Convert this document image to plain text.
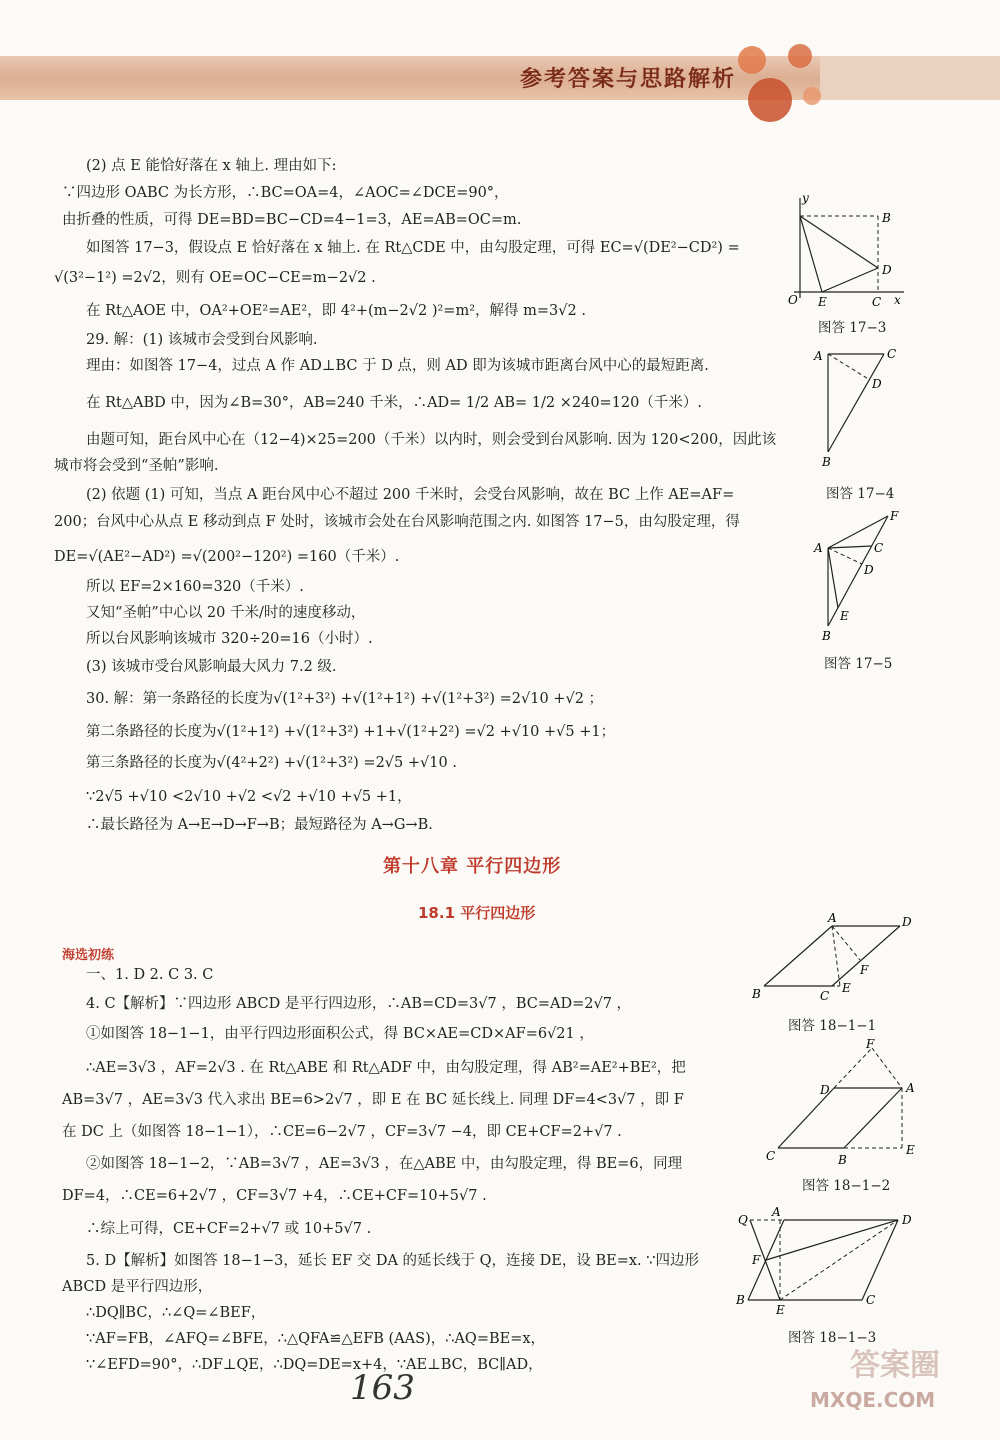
参考答案与思路解析
(2) 点 E 能恰好落在 x 轴上. 理由如下:
∵四边形 OABC 为长方形，∴BC=OA=4，∠AOC=∠DCE=90°，
由折叠的性质，可得 DE=BD=BC−CD=4−1=3，AE=AB=OC=m.
如图答 17−3，假设点 E 恰好落在 x 轴上. 在 Rt△CDE 中，由勾股定理，可得 EC=√(DE²−CD²) =
√(3²−1²) =2√2，则有 OE=OC−CE=m−2√2 .
在 Rt△AOE 中，OA²+OE²=AE²，即 4²+(m−2√2 )²=m²，解得 m=3√2 .
29. 解：(1) 该城市会受到台风影响.
理由：如图答 17−4，过点 A 作 AD⊥BC 于 D 点，则 AD 即为该城市距离台风中心的最短距离.
在 Rt△ABD 中，因为∠B=30°，AB=240 千米，∴AD= 1/2 AB= 1/2 ×240=120（千米）.
由题可知，距台风中心在（12−4)×25=200（千米）以内时，则会受到台风影响. 因为 120<200，因此该
城市将会受到“圣帕”影响.
(2) 依题 (1) 可知，当点 A 距台风中心不超过 200 千米时，会受台风影响，故在 BC 上作 AE=AF=
200；台风中心从点 E 移动到点 F 处时，该城市会处在台风影响范围之内. 如图答 17−5，由勾股定理，得
DE=√(AE²−AD²) =√(200²−120²) =160（千米）.
所以 EF=2×160=320（千米）.
又知“圣帕”中心以 20 千米/时的速度移动，
所以台风影响该城市 320÷20=16（小时）.
(3) 该城市受台风影响最大风力 7.2 级.
30. 解：第一条路径的长度为√(1²+3²) +√(1²+1²) +√(1²+3²) =2√10 +√2 ；
第二条路径的长度为√(1²+1²) +√(1²+3²) +1+√(1²+2²) =√2 +√10 +√5 +1；
第三条路径的长度为√(4²+2²) +√(1²+3²) =2√5 +√10 .
∵2√5 +√10 <2√10 +√2 <√2 +√10 +√5 +1，
∴最长路径为 A→E→D→F→B；最短路径为 A→G→B.
一、1. D 2. C 3. C
4. C【解析】∵四边形 ABCD 是平行四边形，∴AB=CD=3√7 ，BC=AD=2√7 ，
①如图答 18−1−1，由平行四边形面积公式，得 BC×AE=CD×AF=6√21 ，
∴AE=3√3 ，AF=2√3 . 在 Rt△ABE 和 Rt△ADF 中，由勾股定理，得 AB²=AE²+BE²，把
AB=3√7 ，AE=3√3 代入求出 BE=6>2√7 ，即 E 在 BC 延长线上. 同理 DF=4<3√7 ，即 F
在 DC 上（如图答 18−1−1），∴CE=6−2√7 ，CF=3√7 −4，即 CE+CF=2+√7 .
②如图答 18−1−2，∵AB=3√7 ，AE=3√3 ，在△ABE 中，由勾股定理，得 BE=6，同理
DF=4，∴CE=6+2√7 ，CF=3√7 +4，∴CE+CF=10+5√7 .
∴综上可得，CE+CF=2+√7 或 10+5√7 .
5. D【解析】如图答 18−1−3，延长 EF 交 DA 的延长线于 Q，连接 DE，设 BE=x. ∵四边形
ABCD 是平行四边形，
∴DQ∥BC，∴∠Q=∠BEF，
∵AF=FB，∠AFQ=∠BFE，∴△QFA≌△EFB (AAS)，∴AQ=BE=x，
∵∠EFD=90°，∴DF⊥QE，∴DQ=DE=x+4，∵AE⊥BC，BC∥AD，
第十八章 平行四边形
18.1 平行四边形
海选初练
y
B
D
O E	C x
图答 17−3
A	C
D
B
图答 17−4
F
A	C
D
E
B
图答 17−5
A	D
F
B	C
E
图答 18−1−1
F
D	A
C	B
E
图答 18−1−2
Q
A
D
F
B
E
C
图答 18−1−3
163
答案圈
MXQE.COM
